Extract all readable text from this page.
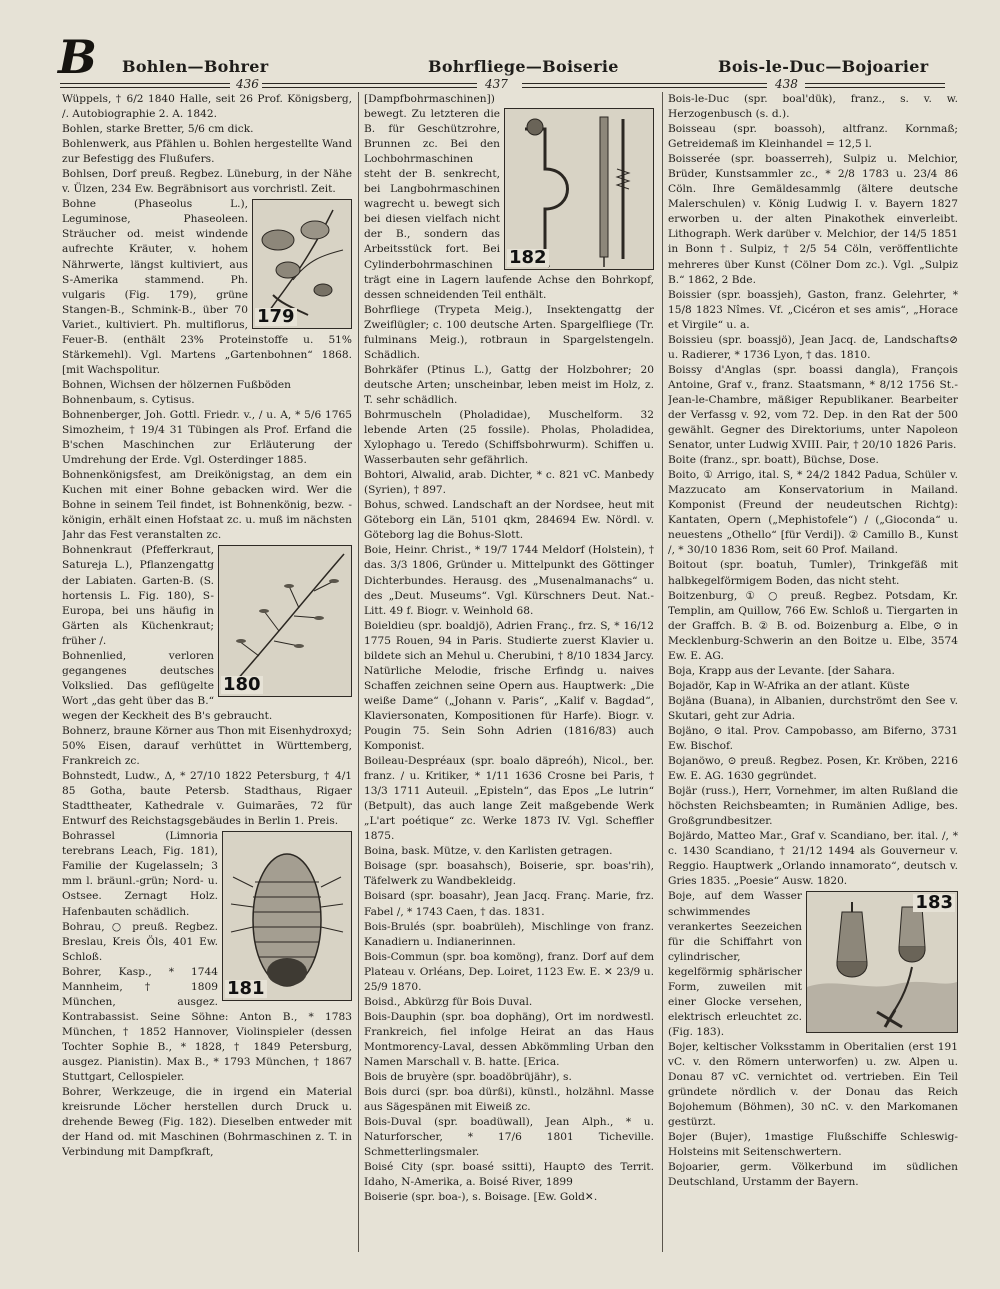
B Bohlen—Bohrer	Bohrfliege—Boiserie	Bois-le-Duc—Bojoarier
436	437	438

Wüppels, † 6/2 1840 Halle, seit 26 Prof. Königsberg, /. Autobiographie 2. A. 1842.

Bohlen, starke Bretter, 5/6 cm dick.

Bohlenwerk, aus Pfählen u. Bohlen hergestellte Wand zur Befestigg des Flußufers.

Bohlsen, Dorf preuß. Regbez. Lüneburg, in der Nähe v. Ülzen, 234 Ew. Begräbnisort aus vorchristl. Zeit.

179

Bohne (Phaseolus L.), Leguminose, Phaseoleen. Sträucher od. meist windende aufrechte Kräuter, v. hohem Nährwerte, längst kultiviert, aus S-Amerika stammend. Ph. vulgaris (Fig. 179), grüne Stangen-B., Schmink-B., über 70 Variet., kultiviert. Ph. multiflorus, Feuer-B. (enthält 23% Proteinstoffe u. 51% Stärkemehl). Vgl. Martens „Gartenbohnen“ 1868. [mit Wachspolitur.

Bohnen, Wichsen der hölzernen Fußböden

Bohnenbaum, s. Cytisus.

Bohnenberger, Joh. Gottl. Friedr. v., / u. A, * 5/6 1765 Simozheim, † 19/4 31 Tübingen als Prof. Erfand die B'schen Maschinchen zur Erläuterung der Umdrehung der Erde. Vgl. Osterdinger 1885.

Bohnenkönigsfest, am Dreikönigstag, an dem ein Kuchen mit einer Bohne gebacken wird. Wer die Bohne in seinem Teil findet, ist Bohnenkönig, bezw. -königin, erhält einen Hofstaat zc. u. muß im nächsten Jahr das Fest veranstalten zc.

180

Bohnenkraut (Pfefferkraut, Satureja L.), Pflanzengattg der Labiaten. Garten-B. (S. hortensis L. Fig. 180), S-Europa, bei uns häufig in Gärten als Küchenkraut; früher /.

Bohnenlied, verloren gegangenes deutsches Volkslied. Das geflügelte Wort „das geht über das B.“ wegen der Keckheit des B's gebraucht.

Bohnerz, braune Körner aus Thon mit Eisenhydroxyd; 50% Eisen, darauf verhüttet in Württemberg, Frankreich zc.

Bohnstedt, Ludw., Δ, * 27/10 1822 Petersburg, † 4/1 85 Gotha, baute Petersb. Stadthaus, Rigaer Stadttheater, Kathedrale v. Guimarães, 72 für Entwurf des Reichstagsgebäudes in Berlin 1. Preis.

181

Bohrassel (Limnoria terebrans Leach, Fig. 181), Familie der Kugelasseln; 3 mm l. bräunl.-grün; Nord- u. Ostsee. Zernagt Holz. Hafenbauten schädlich.

Bohrau, ○ preuß. Regbez. Breslau, Kreis Öls, 401 Ew. Schloß.

Bohrer, Kasp., * 1744 Mannheim, † 1809 München, ausgez. Kontrabassist. Seine Söhne: Anton B., * 1783 München, † 1852 Hannover, Violinspieler (dessen Tochter Sophie B., * 1828, † 1849 Petersburg, ausgez. Pianistin). Max B., * 1793 München, † 1867 Stuttgart, Cellospieler.

Bohrer, Werkzeuge, die in irgend ein Material kreisrunde Löcher herstellen durch Druck u. drehende Beweg (Fig. 182). Dieselben entweder mit der Hand od. mit Maschinen (Bohrmaschinen z. T. in Verbindung mit Dampfkraft,

182

[Dampfbohrmaschinen]) bewegt. Zu letzteren die B. für Geschützrohre, Brunnen zc. Bei den Lochbohrmaschinen steht der B. senkrecht, bei Langbohrmaschinen wagrecht u. bewegt sich bei diesen vielfach nicht der B., sondern das Arbeitsstück fort. Bei Cylinderbohrmaschinen trägt eine in Lagern laufende Achse den Bohrkopf, dessen schneidenden Teil enthält.

Bohrfliege (Trypeta Meig.), Insektengattg der Zweiflügler; c. 100 deutsche Arten. Spargelfliege (Tr. fulminans Meig.), rotbraun in Spargelstengeln. Schädlich.

Bohrkäfer (Ptinus L.), Gattg der Holzbohrer; 20 deutsche Arten; unscheinbar, leben meist im Holz, z. T. sehr schädlich.

Bohrmuscheln (Pholadidae), Muschelform. 32 lebende Arten (25 fossile). Pholas, Pholadidea, Xylophago u. Teredo (Schiffsbohrwurm). Schiffen u. Wasserbauten sehr gefährlich.

Bohtori, Alwalid, arab. Dichter, * c. 821 vC. Manbedy (Syrien), † 897.

Bohus, schwed. Landschaft an der Nordsee, heut mit Göteborg ein Län, 5101 qkm, 284694 Ew. Nördl. v. Göteborg lag die Bohus-Slott.

Boie, Heinr. Christ., * 19/7 1744 Meldorf (Holstein), † das. 3/3 1806, Gründer u. Mittelpunkt des Göttinger Dichterbundes. Herausg. des „Musenalmanachs“ u. des „Deut. Museums“. Vgl. Kürschners Deut. Nat.-Litt. 49 f. Biogr. v. Weinhold 68.

Boieldieu (spr. boaldjö), Adrien Franç., frz. S, * 16/12 1775 Rouen, 94 in Paris. Studierte zuerst Klavier u. bildete sich an Mehul u. Cherubini, † 8/10 1834 Jarcy. Natürliche Melodie, frische Erfindg u. naives Schaffen zeichnen seine Opern aus. Hauptwerk: „Die weiße Dame“ („Johann v. Paris“, „Kalif v. Bagdad“, Klaviersonaten, Kompositionen für Harfe). Biogr. v. Pougin 75. Sein Sohn Adrien (1816/83) auch Komponist.

Boileau-Despréaux (spr. boalo däpreóh), Nicol., ber. franz. / u. Kritiker, * 1/11 1636 Crosne bei Paris, † 13/3 1711 Auteuil. „Episteln“, das Epos „Le lutrin“ (Betpult), das auch lange Zeit maßgebende Werk „L'art poétique“ zc. Werke 1873 IV. Vgl. Scheffler 1875.

Boina, bask. Mütze, v. den Karlisten getragen.

Boisage (spr. boasahsch), Boiserie, spr. boas'rih), Täfelwerk zu Wandbekleidg.

Boisard (spr. boasahr), Jean Jacq. Franç. Marie, frz. Fabel /, * 1743 Caen, † das. 1831.

Bois-Brulés (spr. boabrüleh), Mischlinge von franz. Kanadiern u. Indianerinnen.

Bois-Commun (spr. boa komöng), franz. Dorf auf dem Plateau v. Orléans, Dep. Loiret, 1123 Ew. E. ✕ 23/9 u. 25/9 1870.

Boisd., Abkürzg für Bois Duval.

Bois-Dauphin (spr. boa dophäng), Ort im nordwestl. Frankreich, fiel infolge Heirat an das Haus Montmorency-Laval, dessen Abkömmling Urban den Namen Marschall v. B. hatte. [Erica.

Bois de bruyère (spr. boadöbrüjähr), s.

Bois durci (spr. boa dürßi), künstl., holzähnl. Masse aus Sägespänen mit Eiweiß zc.

Bois-Duval (spr. boadüwall), Jean Alph., * u. Naturforscher, * 17/6 1801 Ticheville. Schmetterlingsmaler.

Boisé City (spr. boasé ssitti), Haupt⊙ des Territ. Idaho, N-Amerika, a. Boisé River, 1899

Boiserie (spr. boa-), s. Boisage. [Ew. Gold✕.

Bois-le-Duc (spr. boal'dük), franz., s. v. w. Herzogenbusch (s. d.).

Boisseau (spr. boassoh), altfranz. Kornmaß; Getreidemaß im Kleinhandel = 12,5 l.

Boisserée (spr. boasserreh), Sulpiz u. Melchior, Brüder, Kunstsammler zc., * 2/8 1783 u. 23/4 86 Cöln. Ihre Gemäldesammlg (ältere deutsche Malerschulen) v. König Ludwig I. v. Bayern 1827 erworben u. der alten Pinakothek einverleibt. Lithograph. Werk darüber v. Melchior, der 14/5 1851 in Bonn †. Sulpiz, † 2/5 54 Cöln, veröffentlichte mehreres über Kunst (Cölner Dom zc.). Vgl. „Sulpiz B.“ 1862, 2 Bde.

Boissier (spr. boassjeh), Gaston, franz. Gelehrter, * 15/8 1823 Nîmes. Vf. „Cicéron et ses amis“, „Horace et Virgile“ u. a.

Boissieu (spr. boassjö), Jean Jacq. de, Landschafts⊘ u. Radierer, * 1736 Lyon, † das. 1810.

Boissy d'Anglas (spr. boassi dangla), François Antoine, Graf v., franz. Staatsmann, * 8/12 1756 St.-Jean-le-Chambre, mäßiger Republikaner. Bearbeiter der Verfassg v. 92, vom 72. Dep. in den Rat der 500 gewählt. Gegner des Direktoriums, unter Napoleon Senator, unter Ludwig XVIII. Pair, † 20/10 1826 Paris.

Boite (franz., spr. boatt), Büchse, Dose.

Boito, ① Arrigo, ital. S, * 24/2 1842 Padua, Schüler v. Mazzucato am Konservatorium in Mailand. Komponist (Freund der neudeutschen Richtg): Kantaten, Opern („Mephistofele“) / („Gioconda“ u. neuestens „Othello“ [für Verdi]). ② Camillo B., Kunst /, * 30/10 1836 Rom, seit 60 Prof. Mailand.

Boitout (spr. boatuh, Tumler), Trinkgefäß mit halbkegelförmigem Boden, das nicht steht.

Boitzenburg, ① ○ preuß. Regbez. Potsdam, Kr. Templin, am Quillow, 766 Ew. Schloß u. Tiergarten in der Graffch. B. ② B. od. Boizenburg a. Elbe, ⊙ in Mecklenburg-Schwerin an den Boitze u. Elbe, 3574 Ew. E. AG.

Boja, Krapp aus der Levante. [der Sahara.

Bojadör, Kap in W-Afrika an der atlant. Küste

Bojäna (Buana), in Albanien, durchströmt den See v. Skutari, geht zur Adria.

Bojäno, ⊙ ital. Prov. Campobasso, am Biferno, 3731 Ew. Bischof.

Bojanöwo, ⊙ preuß. Regbez. Posen, Kr. Kröben, 2216 Ew. E. AG. 1630 gegründet.

Bojär (russ.), Herr, Vornehmer, im alten Rußland die höchsten Reichsbeamten; in Rumänien Adlige, bes. Großgrundbesitzer.

Bojärdo, Matteo Mar., Graf v. Scandiano, ber. ital. /, * c. 1430 Scandiano, † 21/12 1494 als Gouverneur v. Reggio. Hauptwerk „Orlando innamorato“, deutsch v. Gries 1835. „Poesie“ Ausw. 1820.

183

Boje, auf dem Wasser schwimmendes verankertes Seezeichen für die Schiffahrt von cylindrischer, kegelförmig sphärischer Form, zuweilen mit einer Glocke versehen, elektrisch erleuchtet zc. (Fig. 183).

Bojer, keltischer Volksstamm in Oberitalien (erst 191 vC. v. den Römern unterworfen) u. zw. Alpen u. Donau 87 vC. vernichtet od. vertrieben. Ein Teil gründete nördlich v. der Donau das Reich Bojohemum (Böhmen), 30 nC. v. den Markomanen gestürzt.

Bojer (Bujer), 1mastige Flußschiffe Schleswig-Holsteins mit Seitenschwertern.

Bojoarier, germ. Völkerbund im südlichen Deutschland, Urstamm der Bayern.
